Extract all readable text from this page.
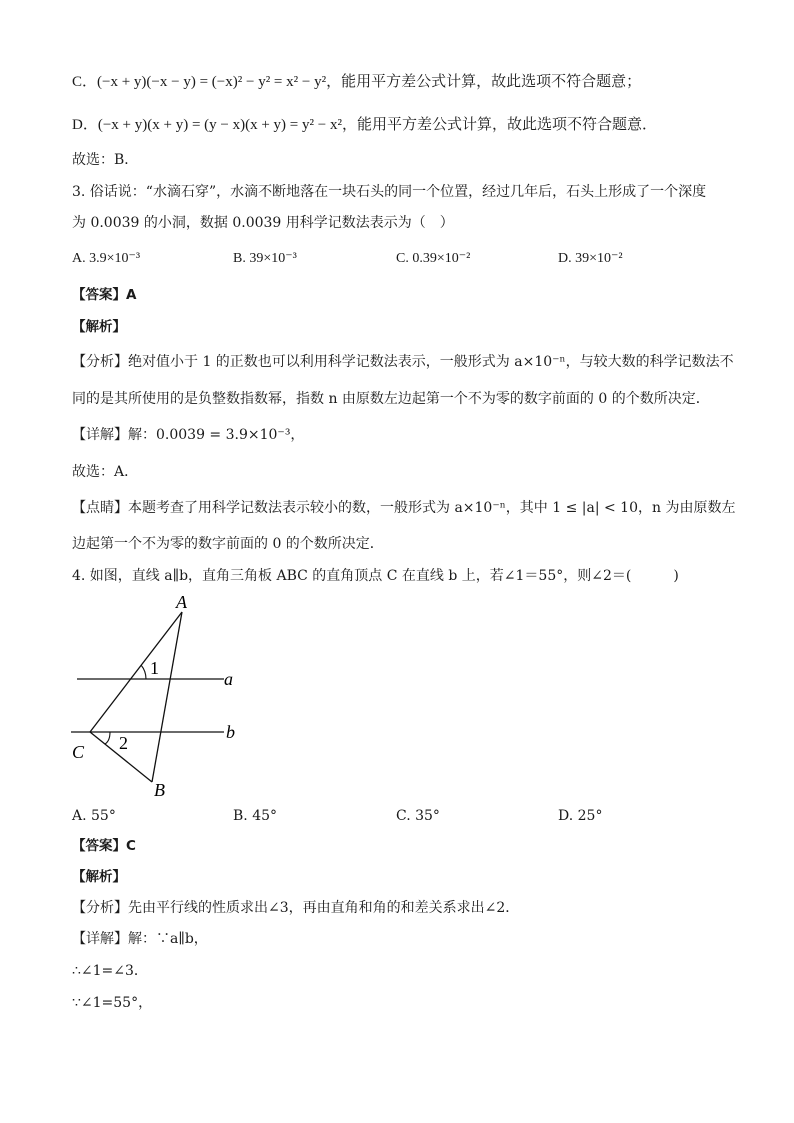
C．(−x + y)(−x − y) = (−x)² − y² = x² − y²，能用平方差公式计算，故此选项不符合题意；
D．(−x + y)(x + y) = (y − x)(x + y) = y² − x²，能用平方差公式计算，故此选项不符合题意．
故选：B．
3. 俗话说：“水滴石穿”，水滴不断地落在一块石头的同一个位置，经过几年后，石头上形成了一个深度
为 0.0039 的小洞，数据 0.0039 用科学记数法表示为（　）
A. 3.9×10⁻³	B. 39×10⁻³	C. 0.39×10⁻²	D. 39×10⁻²
【答案】A
【解析】
【分析】绝对值小于 1 的正数也可以利用科学记数法表示，一般形式为 a×10⁻ⁿ，与较大数的科学记数法不
同的是其所使用的是负整数指数幂，指数 n 由原数左边起第一个不为零的数字前面的 0 的个数所决定．
【详解】解：0.0039 = 3.9×10⁻³，
故选：A．
【点睛】本题考查了用科学记数法表示较小的数，一般形式为 a×10⁻ⁿ，其中 1 ≤ |a| < 10，n 为由原数左
边起第一个不为零的数字前面的 0 的个数所决定．
4. 如图，直线 a∥b，直角三角板 ABC 的直角顶点 C 在直线 b 上，若∠1＝55°，则∠2＝(　　　)
A
1
a
b
2
C
B
A. 55°	B. 45°	C. 35°	D. 25°
【答案】C
【解析】
【分析】先由平行线的性质求出∠3，再由直角和角的和差关系求出∠2．
【详解】解：∵a∥b，
∴∠1=∠3．
∵∠1=55°，
